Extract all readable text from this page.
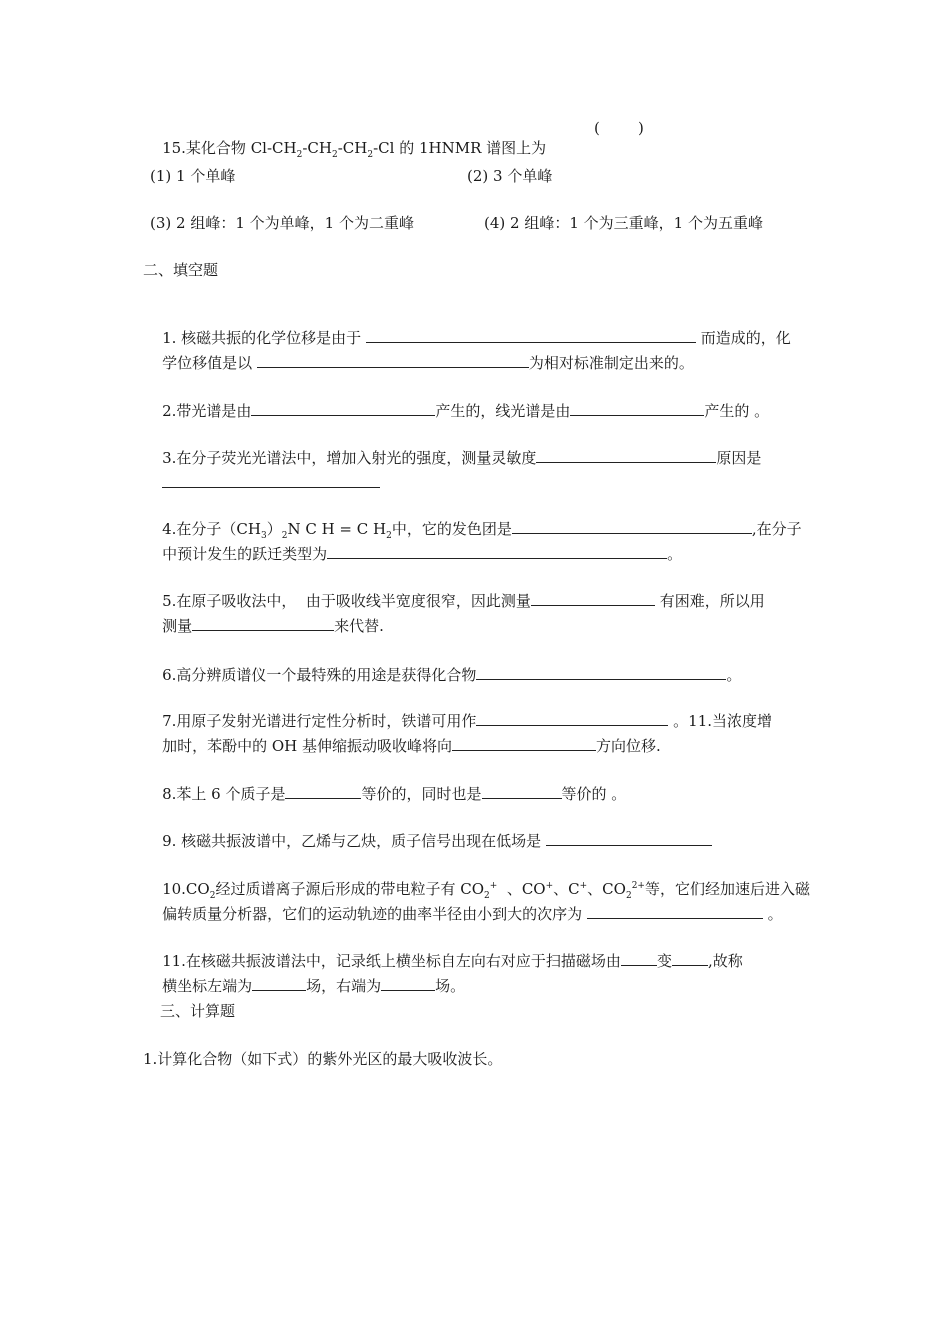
15.某化合物 $Cl-CH_2-CH_2-CH_2-Cl$ 的 1HNMR 谱图上为

(        )
(1) 1 个单峰	(2) 3 个单峰
(3) 2 组峰：1 个为单峰，1 个为二重峰	(4) 2 组峰：1 个为三重峰，1 个为五重峰
二、填空题

1. 核磁共振的化学位移是由于	而造成的，化

学位移值是以	为相对标准制定出来的。

2.带光谱是由	产生的，线光谱是由	产生的 。

3.在分子荧光光谱法中，增加入射光的强度，测量灵敏度	原因是

4.在分子$(CH_3)_2N$ C H = C $H_2$中，它的发色团是	,在分子

中预计发生的跃迁类型为	。

5.在原子吸收法中，  由于吸收线半宽度很窄，因此测量	有困难，所以用

测量	来代替.

6.高分辨质谱仪一个最特殊的用途是获得化合物	。

7.用原子发射光谱进行定性分析时，铁谱可用作	。11.当浓度增

加时，苯酚中的 OH 基伸缩振动吸收峰将向	方向位移.

8.苯上 6 个质子是	等价的，同时也是	等价的 。

9. 核磁共振波谱中，乙烯与乙炔，质子信号出现在低场是

$10.CO_2$经过质谱离子源后形成的带电粒子有 $CO_2^+$  、CO+、C+、$CO_2^{2+}$等，它们经加速后进入磁

偏转质量分析器，它们的运动轨迹的曲率半径由小到大的次序为	。

11.在核磁共振波谱法中，记录纸上横坐标自左向右对应于扫描磁场由 变 ,故称

横坐标左端为	场，右端为	场。

三、计算题
1.计算化合物（如下式）的紫外光区的最大吸收波长。
